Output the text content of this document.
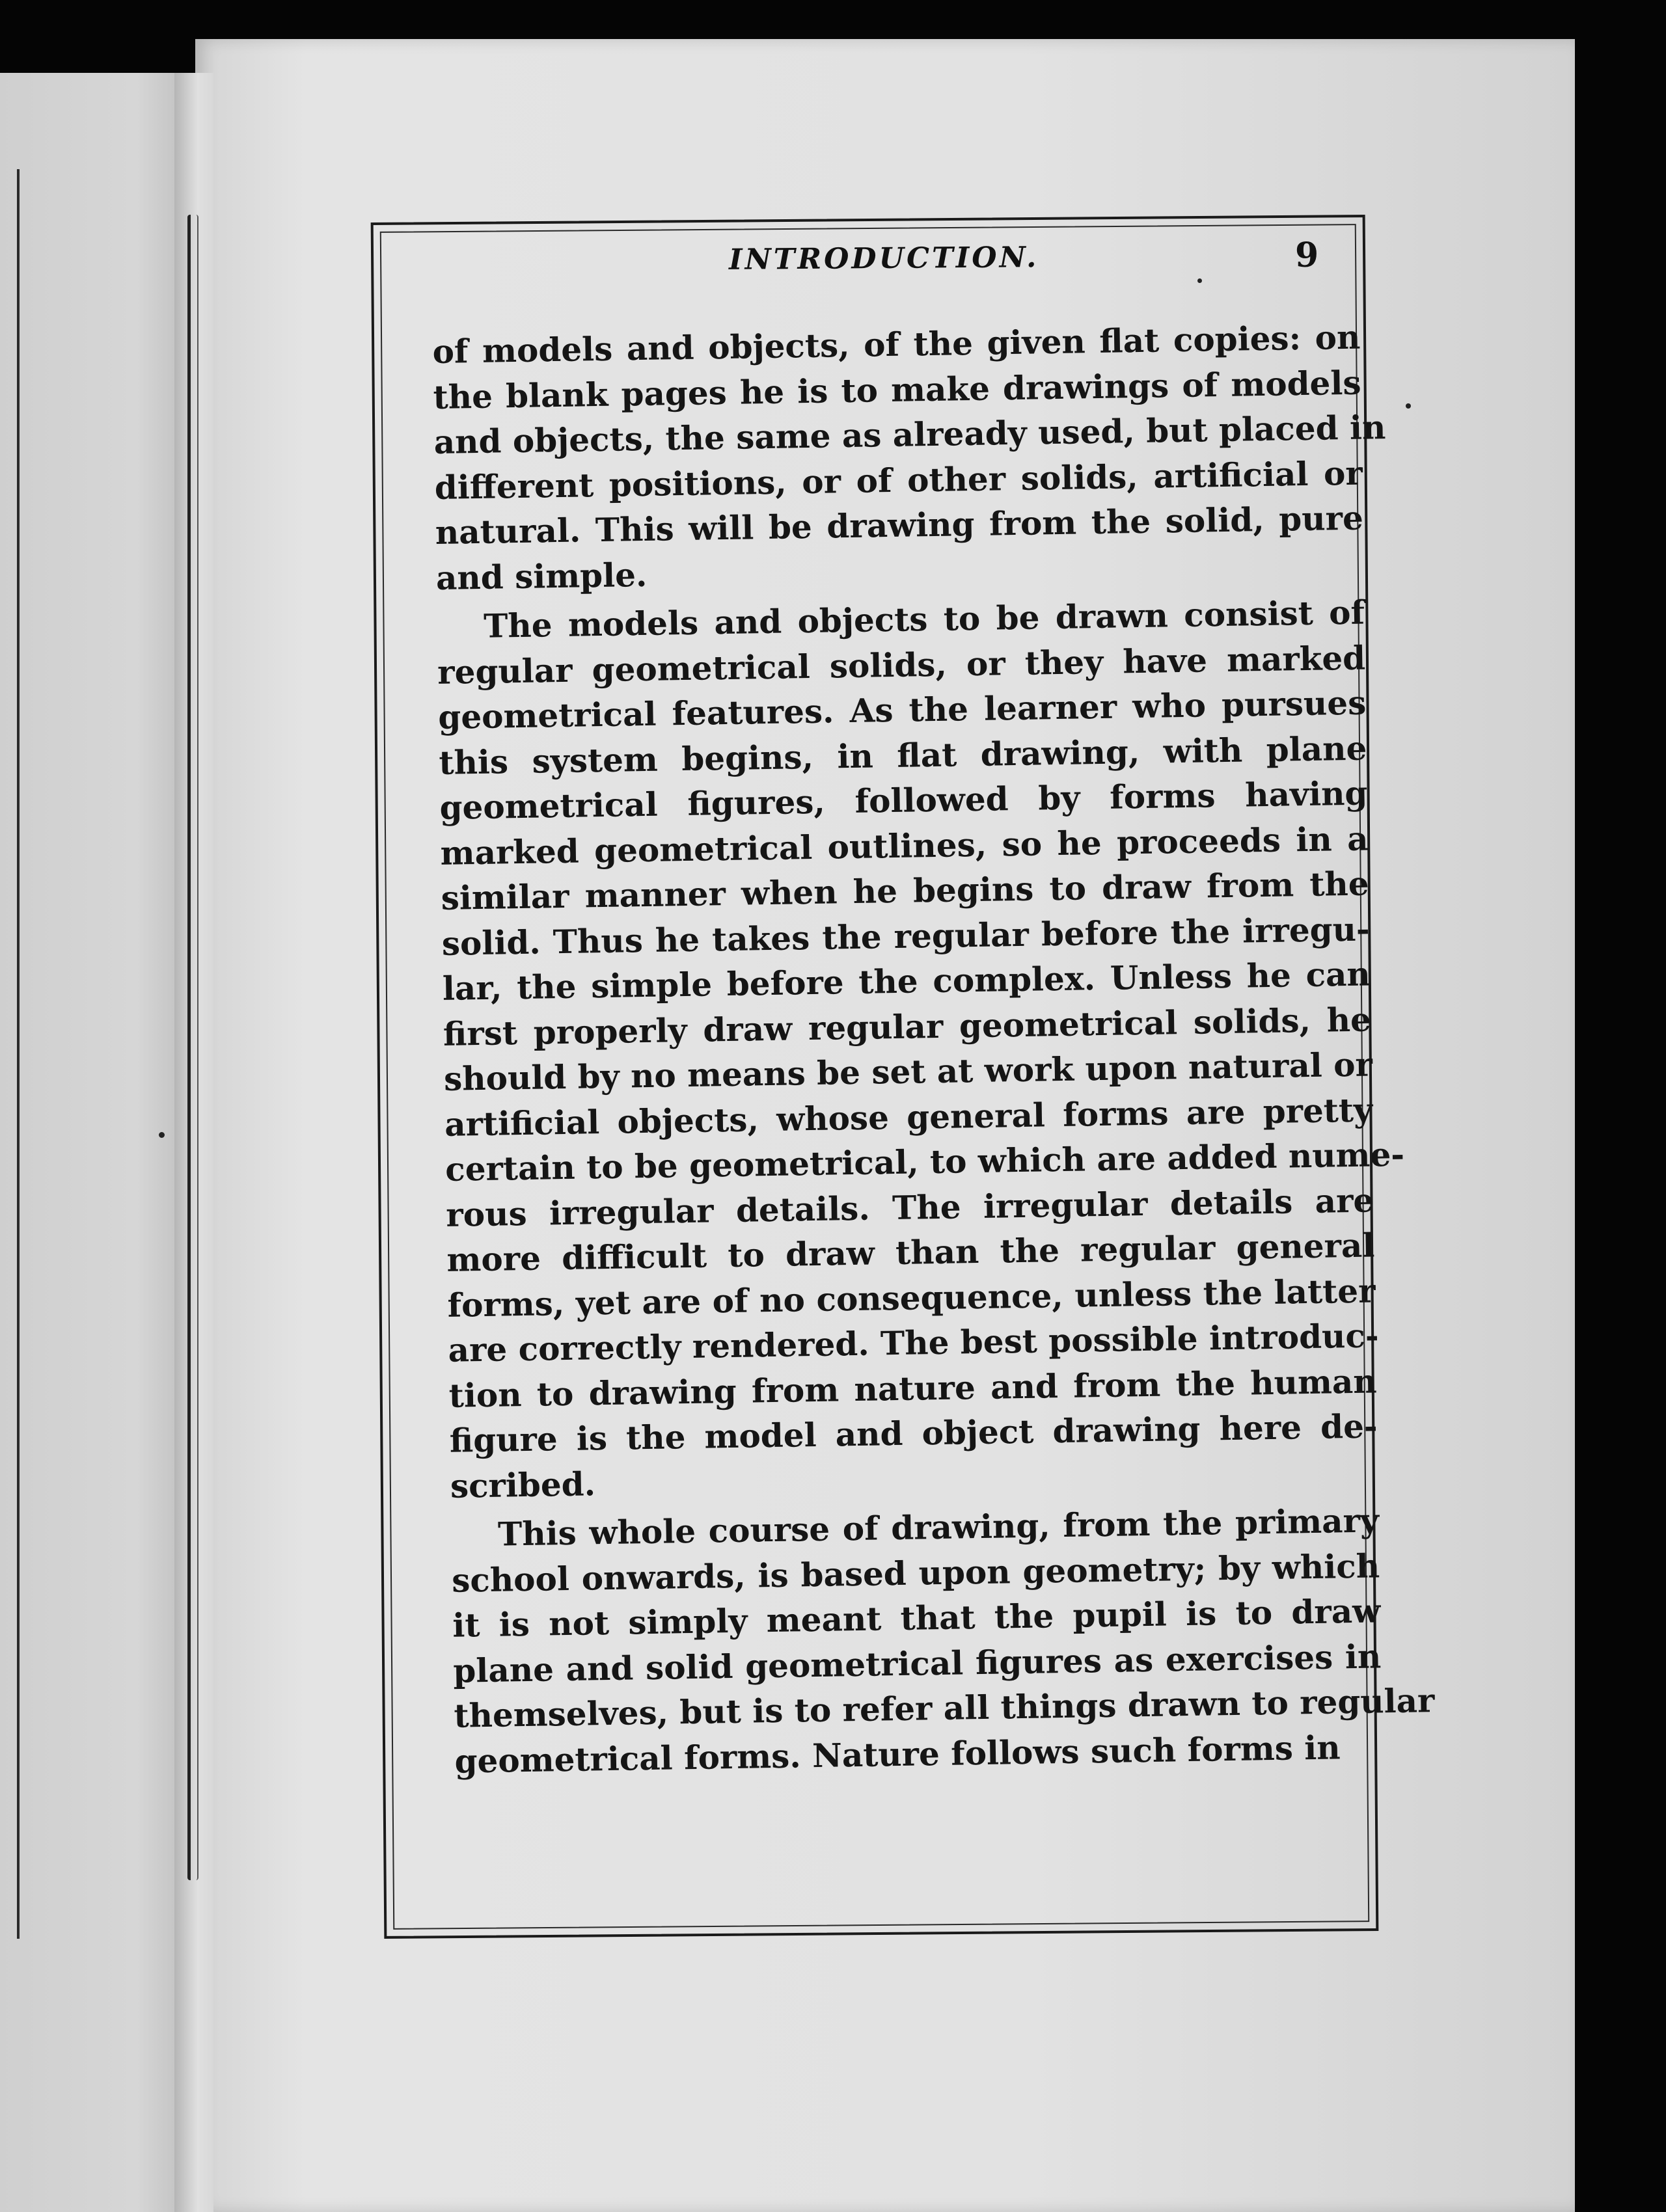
INTRODUCTION.	9
of models and objects, of the given flat copies: on
the blank pages he is to make drawings of models
and objects, the same as already used, but placed in
different positions, or of other solids, artificial or
natural. This will be drawing from the solid, pure
and simple.
The models and objects to be drawn consist of
regular geometrical solids, or they have marked
geometrical features. As the learner who pursues
this system begins, in flat drawing, with plane
geometrical figures, followed by forms having
marked geometrical outlines, so he proceeds in a
similar manner when he begins to draw from the
solid. Thus he takes the regular before the irregu-
lar, the simple before the complex. Unless he can
first properly draw regular geometrical solids, he
should by no means be set at work upon natural or
artificial objects, whose general forms are pretty
certain to be geometrical, to which are added nume-
rous irregular details. The irregular details are
more difficult to draw than the regular general
forms, yet are of no consequence, unless the latter
are correctly rendered. The best possible introduc-
tion to drawing from nature and from the human
figure is the model and object drawing here de-
scribed.
This whole course of drawing, from the primary
school onwards, is based upon geometry; by which
it is not simply meant that the pupil is to draw
plane and solid geometrical figures as exercises in
themselves, but is to refer all things drawn to regular
geometrical forms. Nature follows such forms in
